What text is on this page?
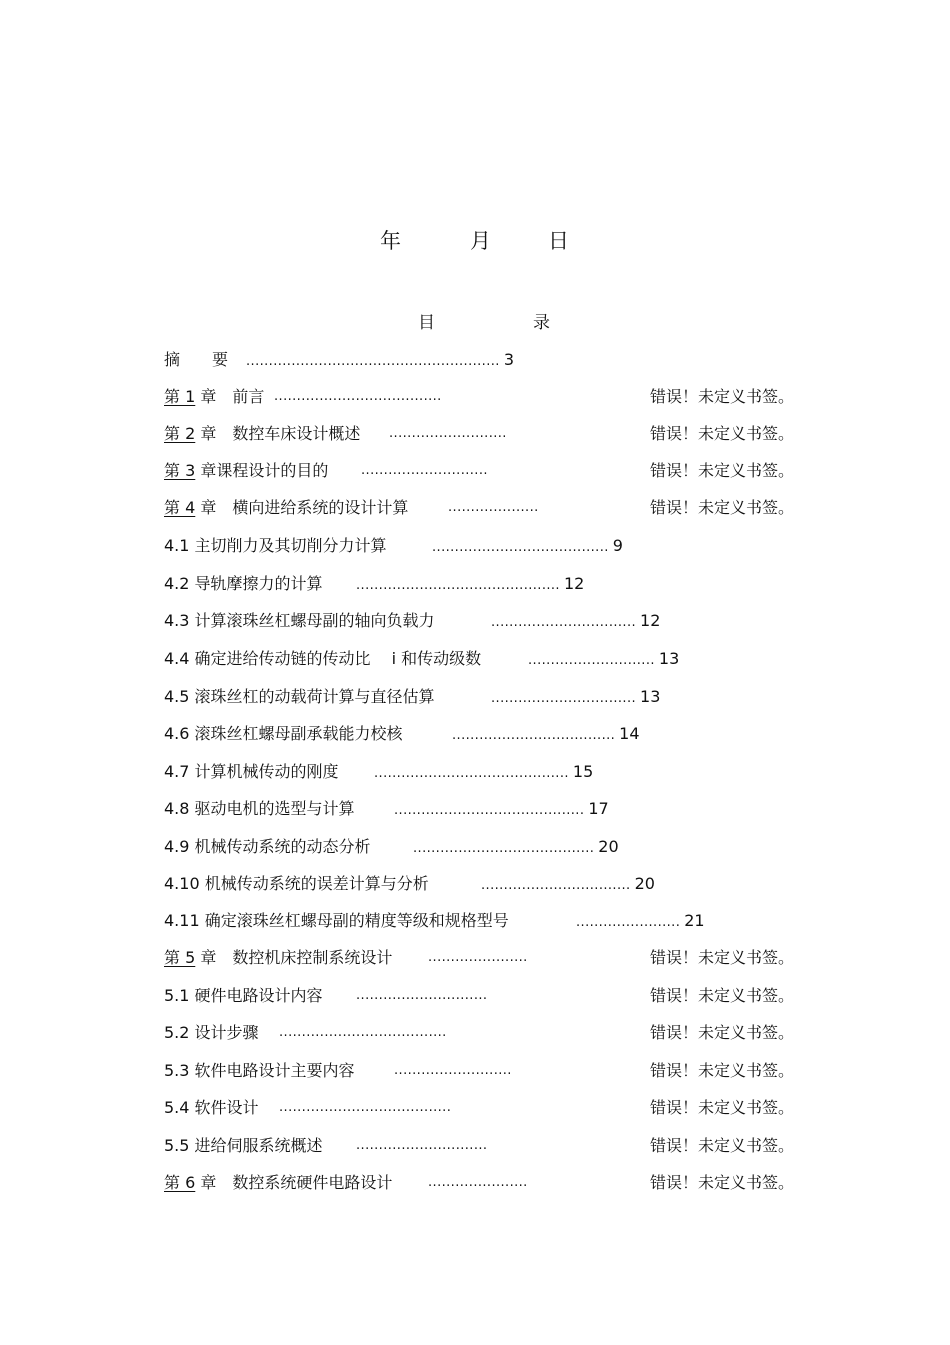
年	月	日
目	录
摘　　要 ........................................................ 3
第 1 章　前言 .....................................	错误！未定义书签。
第 2 章　数控车床设计概述 ..........................	错误！未定义书签。
第 3 章课程设计的目的	............................	错误！未定义书签。
第 4 章　横向进给系统的设计计算	....................	错误！未定义书签。
4.1 主切削力及其切削分力计算	....................................... 9
4.2 导轨摩擦力的计算	............................................. 12
4.3 计算滚珠丝杠螺母副的轴向负载力	................................ 12
4.4 确定进给传动链的传动比　 i 和传动级数	............................ 13
4.5 滚珠丝杠的动载荷计算与直径估算	................................ 13
4.6 滚珠丝杠螺母副承载能力校核	.................................... 14
4.7 计算机械传动的刚度	........................................... 15
4.8 驱动电机的选型与计算	.......................................... 17
4.9 机械传动系统的动态分析	........................................ 20
4.10 机械传动系统的误差计算与分析	................................. 20
4.11 确定滚珠丝杠螺母副的精度等级和规格型号	....................... 21
第 5 章　数控机床控制系统设计	......................	错误！未定义书签。
5.1 硬件电路设计内容	.............................	错误！未定义书签。
5.2 设计步骤 .....................................	错误！未定义书签。
5.3 软件电路设计主要内容	..........................	错误！未定义书签。
5.4 软件设计 ......................................	错误！未定义书签。
5.5 进给伺服系统概述	.............................	错误！未定义书签。
第 6 章　数控系统硬件电路设计	......................	错误！未定义书签。
